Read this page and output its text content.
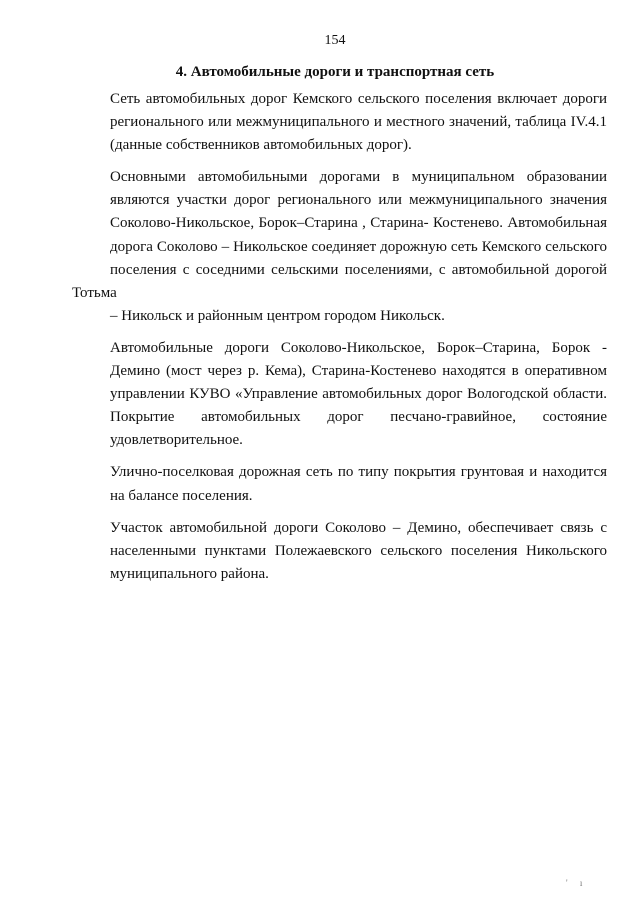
154
4. Автомобильные дороги и транспортная сеть

Сеть автомобильных дорог Кемского сельского поселения включает дороги
регионального или межмуниципального и местного значений, таблица IV.4.1
(данные собственников автомобильных дорог).

Основными автомобильными дорогами в муниципальном образовании
являются участки дорог регионального или межмуниципального значения
Соколово-Никольское, Борок–Старина , Старина- Костенево. Автомобильная
дорога Соколово – Никольское соединяет дорожную сеть Кемского сельского
поселения с соседними сельскими поселениями, с автомобильной дорогой Тотьма
– Никольск и районным центром городом Никольск.

Автомобильные дороги Соколово-Никольское, Борок–Старина, Борок -
Демино (мост через р. Кема), Старина-Костенево находятся в оперативном
управлении КУВО «Управление автомобильных дорог Вологодской области.
Покрытие автомобильных дорог песчано-гравийное, состояние
удовлетворительное.

Улично-поселковая дорожная сеть по типу покрытия грунтовая и находится
на балансе поселения.

Участок автомобильной дороги Соколово – Демино, обеспечивает связь с
населенными пунктами Полежаевского сельского поселения Никольского
муниципального района.

' ı
